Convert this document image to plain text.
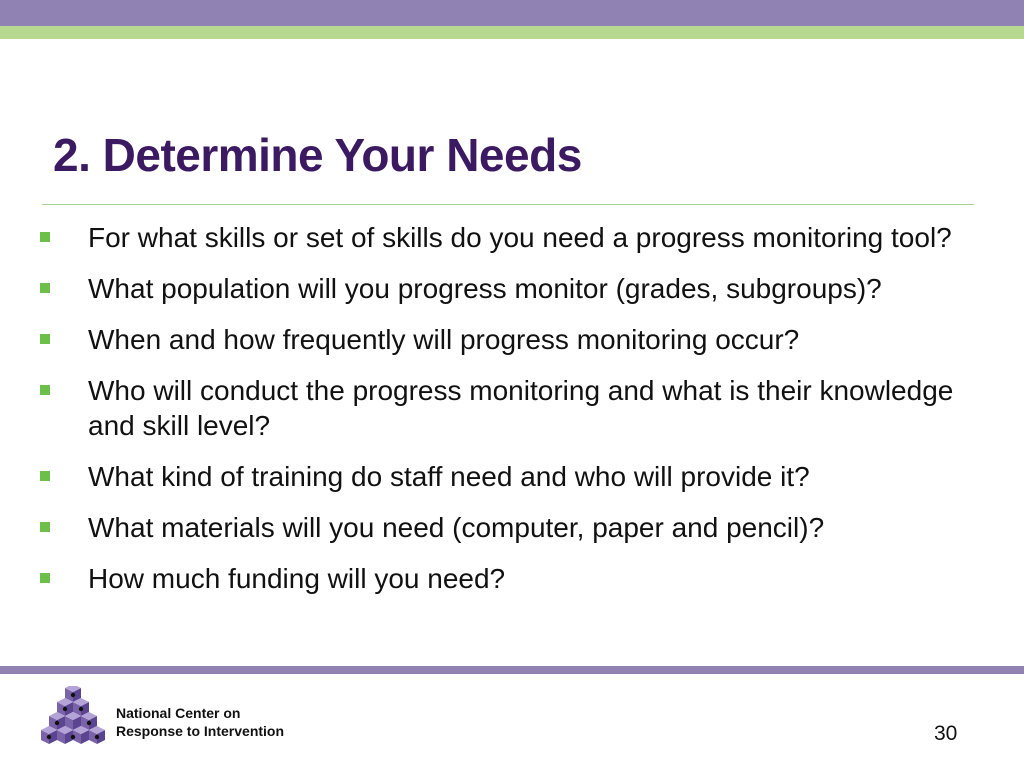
2. Determine Your Needs
For what skills or set of skills do you need a progress monitoring tool?
What population will you progress monitor (grades, subgroups)?
When and how frequently will progress monitoring occur?
Who will conduct the progress monitoring and what is their knowledge and skill level?
What kind of training do staff need and who will provide it?
What materials will you need (computer, paper and pencil)?
How much funding will you need?
National Center on
Response to Intervention	30
